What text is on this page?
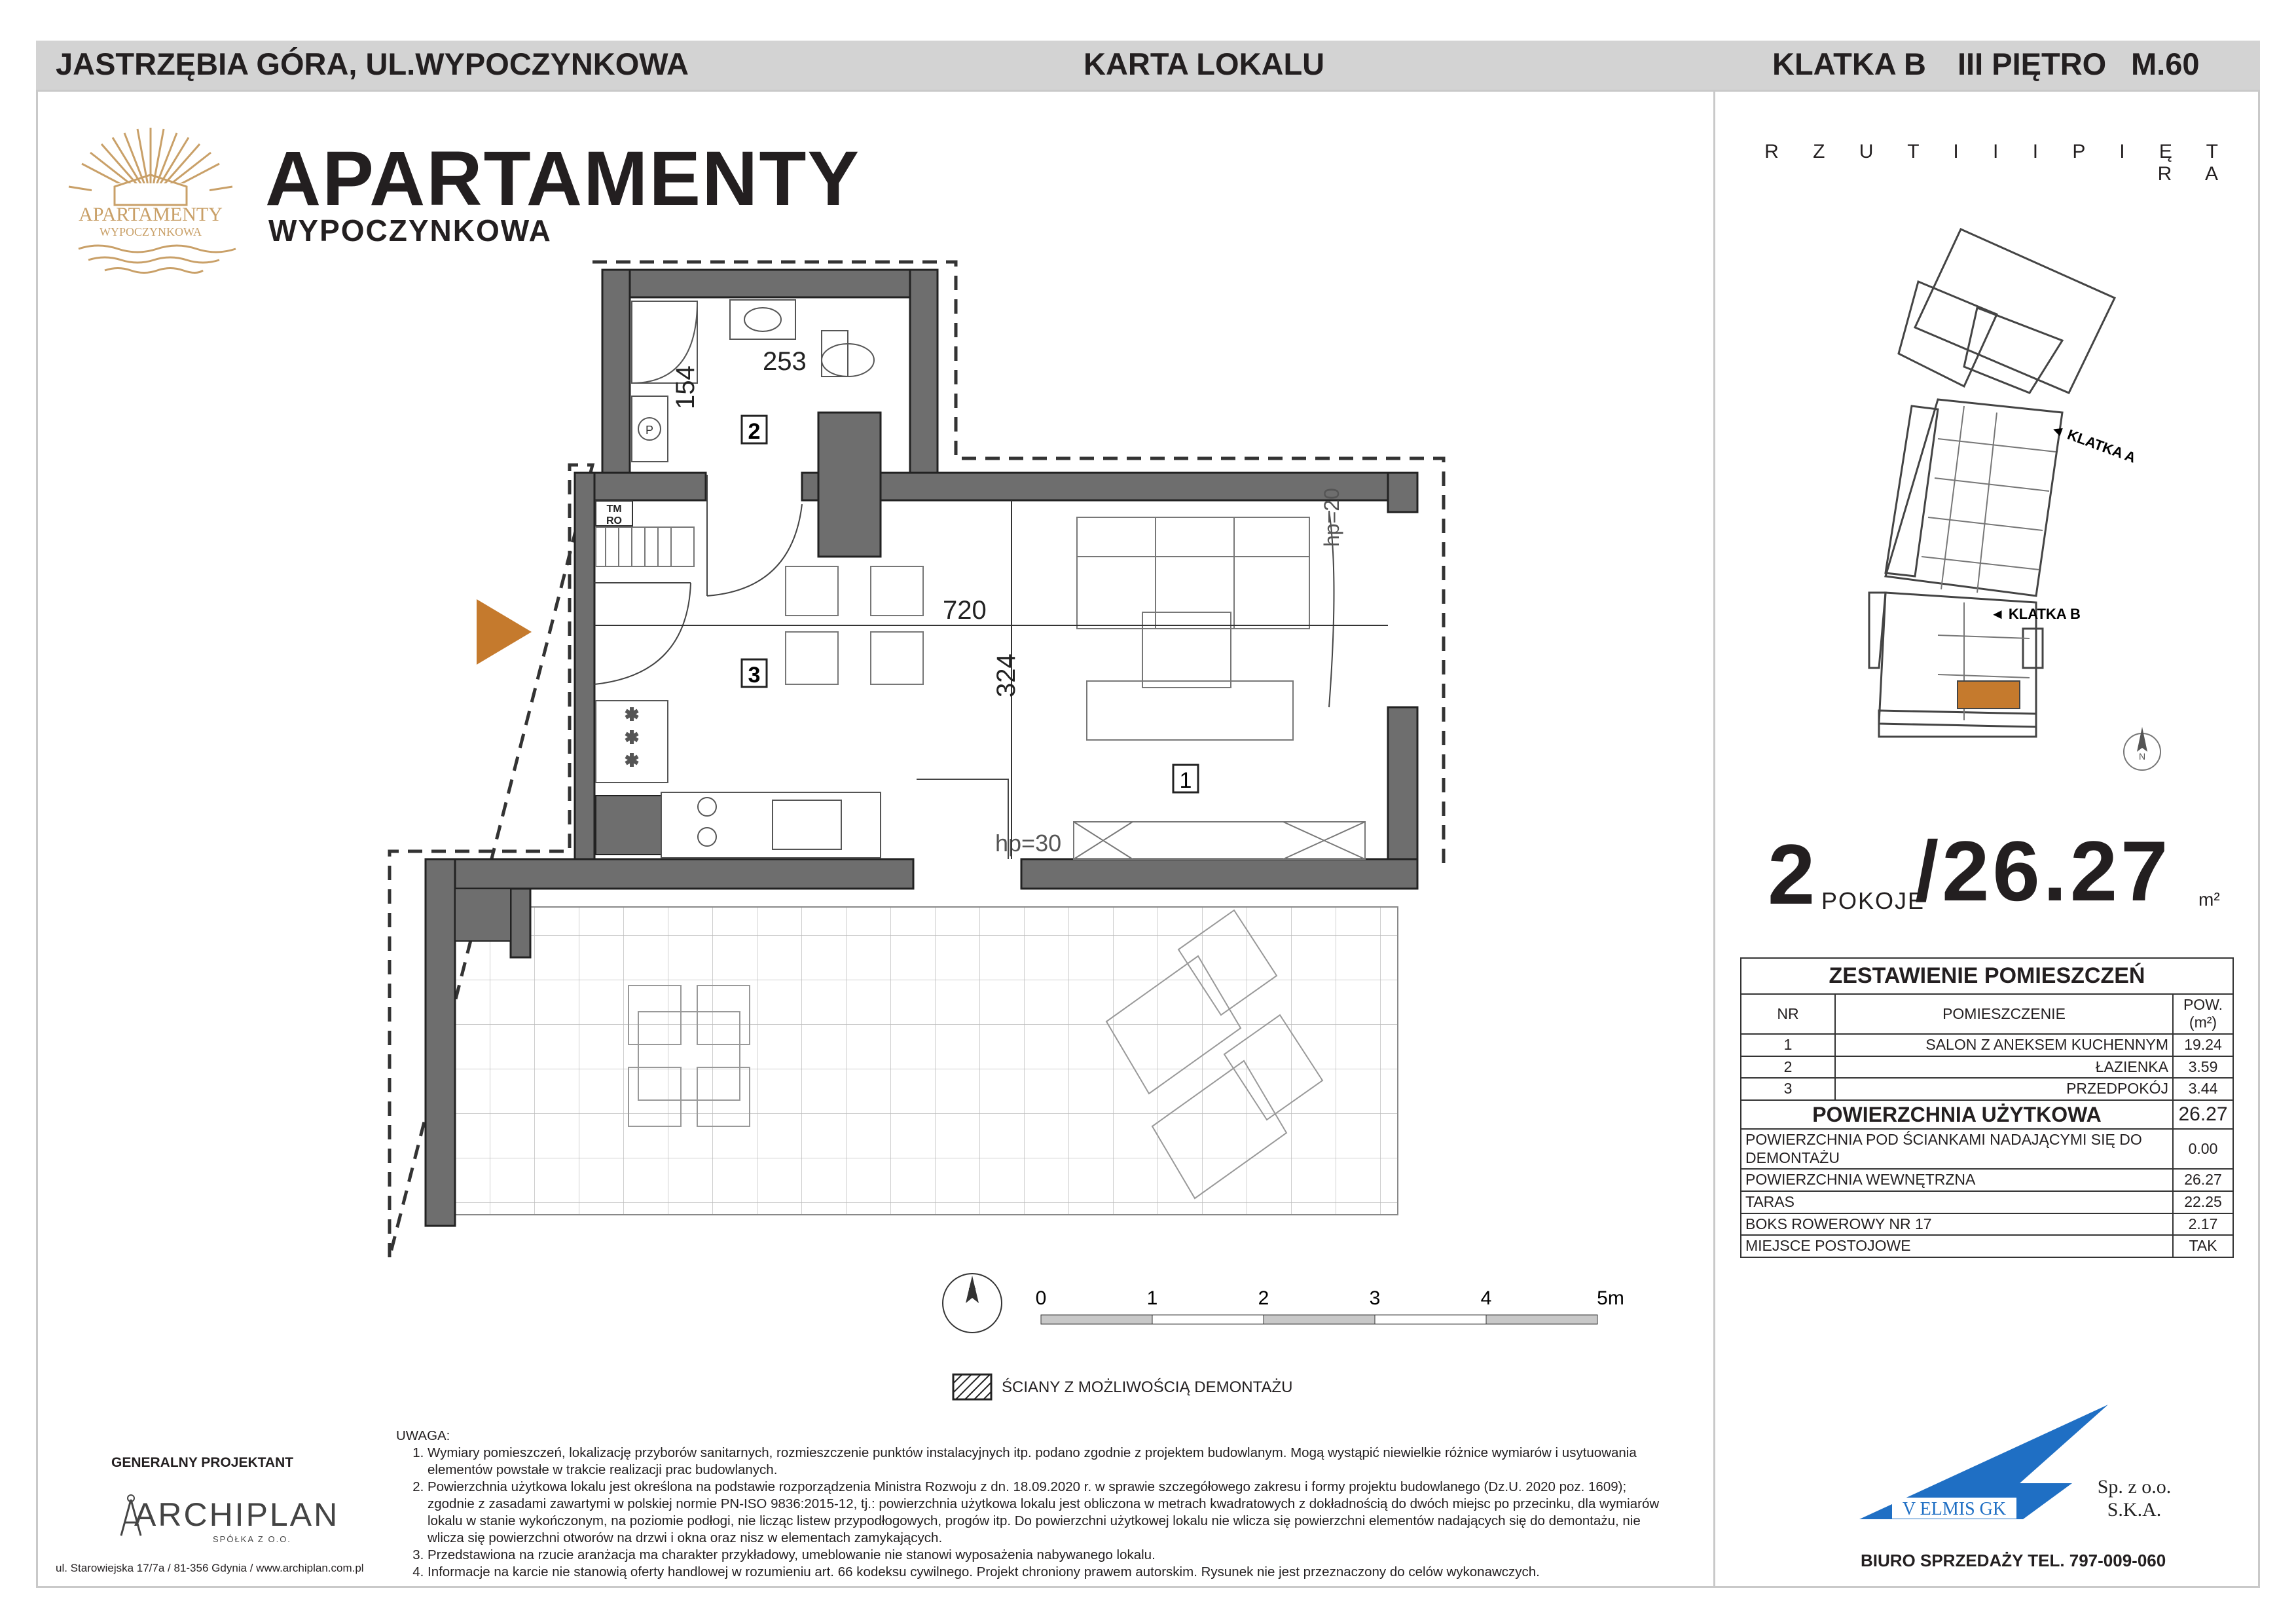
JASTRZĘBIA GÓRA, UL.WYPOCZYNKOWA	KARTA LOKALU	KLATKA B III PIĘTRO M.60
APARTAMENTY
WYPOCZYNKOWA
APARTAMENTY
WYPOCZYNKOWA
P
TM
RO	hp=20
hp=30
✱
✱
✱
253
154
720
324
2
3
1
N	0	1	2	3	4	5m
ŚCIANY Z MOŻLIWOŚCIĄ DEMONTAŻU
UWAGA:
1. Wymiary pomieszczeń, lokalizację przyborów sanitarnych, rozmieszczenie punktów instalacyjnych itp. podano zgodnie z projektem budowlanym. Mogą wystąpić niewielkie różnice wymiarów i usytuowania elementów powstałe w trakcie realizacji prac budowlanych.
2. Powierzchnia użytkowa lokalu jest określona na podstawie rozporządzenia Ministra Rozwoju z dn. 18.09.2020 r. w sprawie szczegółowego zakresu i formy projektu budowlanego (Dz.U. 2020 poz. 1609); zgodnie z zasadami zawartymi w polskiej normie PN-ISO 9836:2015-12, tj.: powierzchnia użytkowa lokalu jest obliczona w metrach kwadratowych z dokładnością do dwóch miejsc po przecinku, dla wymiarów lokalu w stanie wykończonym, na poziomie podłogi, nie licząc listew przypodłogowych, progów itp. Do powierzchni użytkowej lokalu nie wlicza się powierzchni elementów nadających się do demontażu, nie wlicza się powierzchni otworów na drzwi i okna oraz nisz w elementach zamykających.
3. Przedstawiona na rzucie aranżacja ma charakter przykładowy, umeblowanie nie stanowi wyposażenia nabywanego lokalu.
4. Informacje na karcie nie stanowią oferty handlowej w rozumieniu art. 66 kodeksu cywilnego. Projekt chroniony prawem autorskim. Rysunek nie jest przeznaczony do celów wykonawczych.
GENERALNY PROJEKTANT
ARCHIPLAN
SPÓŁKA Z O.O.
ul. Starowiejska 17/7a / 81-356 Gdynia / www.archiplan.com.pl
R Z U T I I I P I Ę T R A
◄ KLATKA A
◄ KLATKA B
N
2 POKOJE
/26.27 m²
ZESTAWIENIE POMIESZCZEŃ		
NR	POMIESZCZENIE	POW. (m²)
1	SALON Z ANEKSEM KUCHENNYM	19.24
2	ŁAZIENKA	3.59
3	PRZEDPOKÓJ	3.44
POWIERZCHNIA UŻYTKOWA		26.27
POWIERZCHNIA POD ŚCIANKAMI NADAJĄCYMI SIĘ DO DEMONTAŻU		0.00
POWIERZCHNIA WEWNĘTRZNA		26.27
TARAS		22.25
BOKS ROWEROWY NR 17		2.17
MIEJSCE POSTOJOWE		TAK
V ELMIS GK
Sp. z o.o.
S.K.A.
BIURO SPRZEDAŻY TEL. 797-009-060
